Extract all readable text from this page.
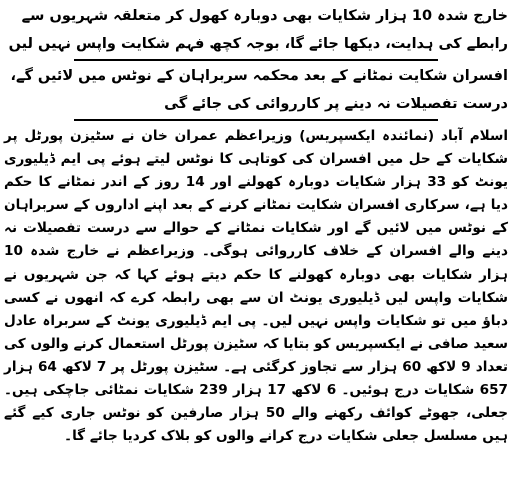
خارج شدہ 10 ہزار شکایات بھی دوبارہ کھول کر متعلقہ شہریوں سے رابطے کی ہدایت، دیکھا جائے گا، بوجہ کچھ فہم شکایت واپس نہیں لیں

افسران شکایت نمٹانے کے بعد محکمہ سربراہان کے نوٹس میں لائیں گے، درست تفصیلات نہ دینے پر کارروائی کی جائے گی

اسلام آباد (نمائندہ ایکسپریس) وزیراعظم عمران خان نے سٹیزن پورٹل پر شکایات کے حل میں افسران کی کوتاہی کا نوٹس لیتے ہوئے پی ایم ڈیلیوری یونٹ کو 33 ہزار شکایات دوبارہ کھولنے اور 14 روز کے اندر نمٹانے کا حکم دیا ہے، سرکاری افسران شکایت نمٹانے کرنے کے بعد اپنے اداروں کے سربراہان کے نوٹس میں لائیں گے اور شکایات نمٹانے کے حوالے سے درست تفصیلات نہ دینے والے افسران کے خلاف کارروائی ہوگی۔ وزیراعظم نے خارج شدہ 10 ہزار شکایات بھی دوبارہ کھولنے کا حکم دیتے ہوئے کہا کہ جن شہریوں نے شکایات واپس لیں ڈیلیوری یونٹ ان سے بھی رابطہ کرے کہ انھوں نے کسی دباؤ میں تو شکایات واپس نہیں لیں۔ پی ایم ڈیلیوری یونٹ کے سربراہ عادل سعید صافی نے ایکسپریس کو بتایا کہ سٹیزن پورٹل استعمال کرنے والوں کی تعداد 9 لاکھ 60 ہزار سے تجاوز کرگئی ہے۔ سٹیزن پورٹل پر 7 لاکھ 64 ہزار 657 شکایات درج ہوئیں۔ 6 لاکھ 17 ہزار 239 شکایات نمٹائی جاچکی ہیں۔ جعلی، جھوٹے کوائف رکھنے والے 50 ہزار صارفین کو نوٹس جاری کیے گئے ہیں مسلسل جعلی شکایات درج کرانے والوں کو بلاک کردیا جائے گا۔
